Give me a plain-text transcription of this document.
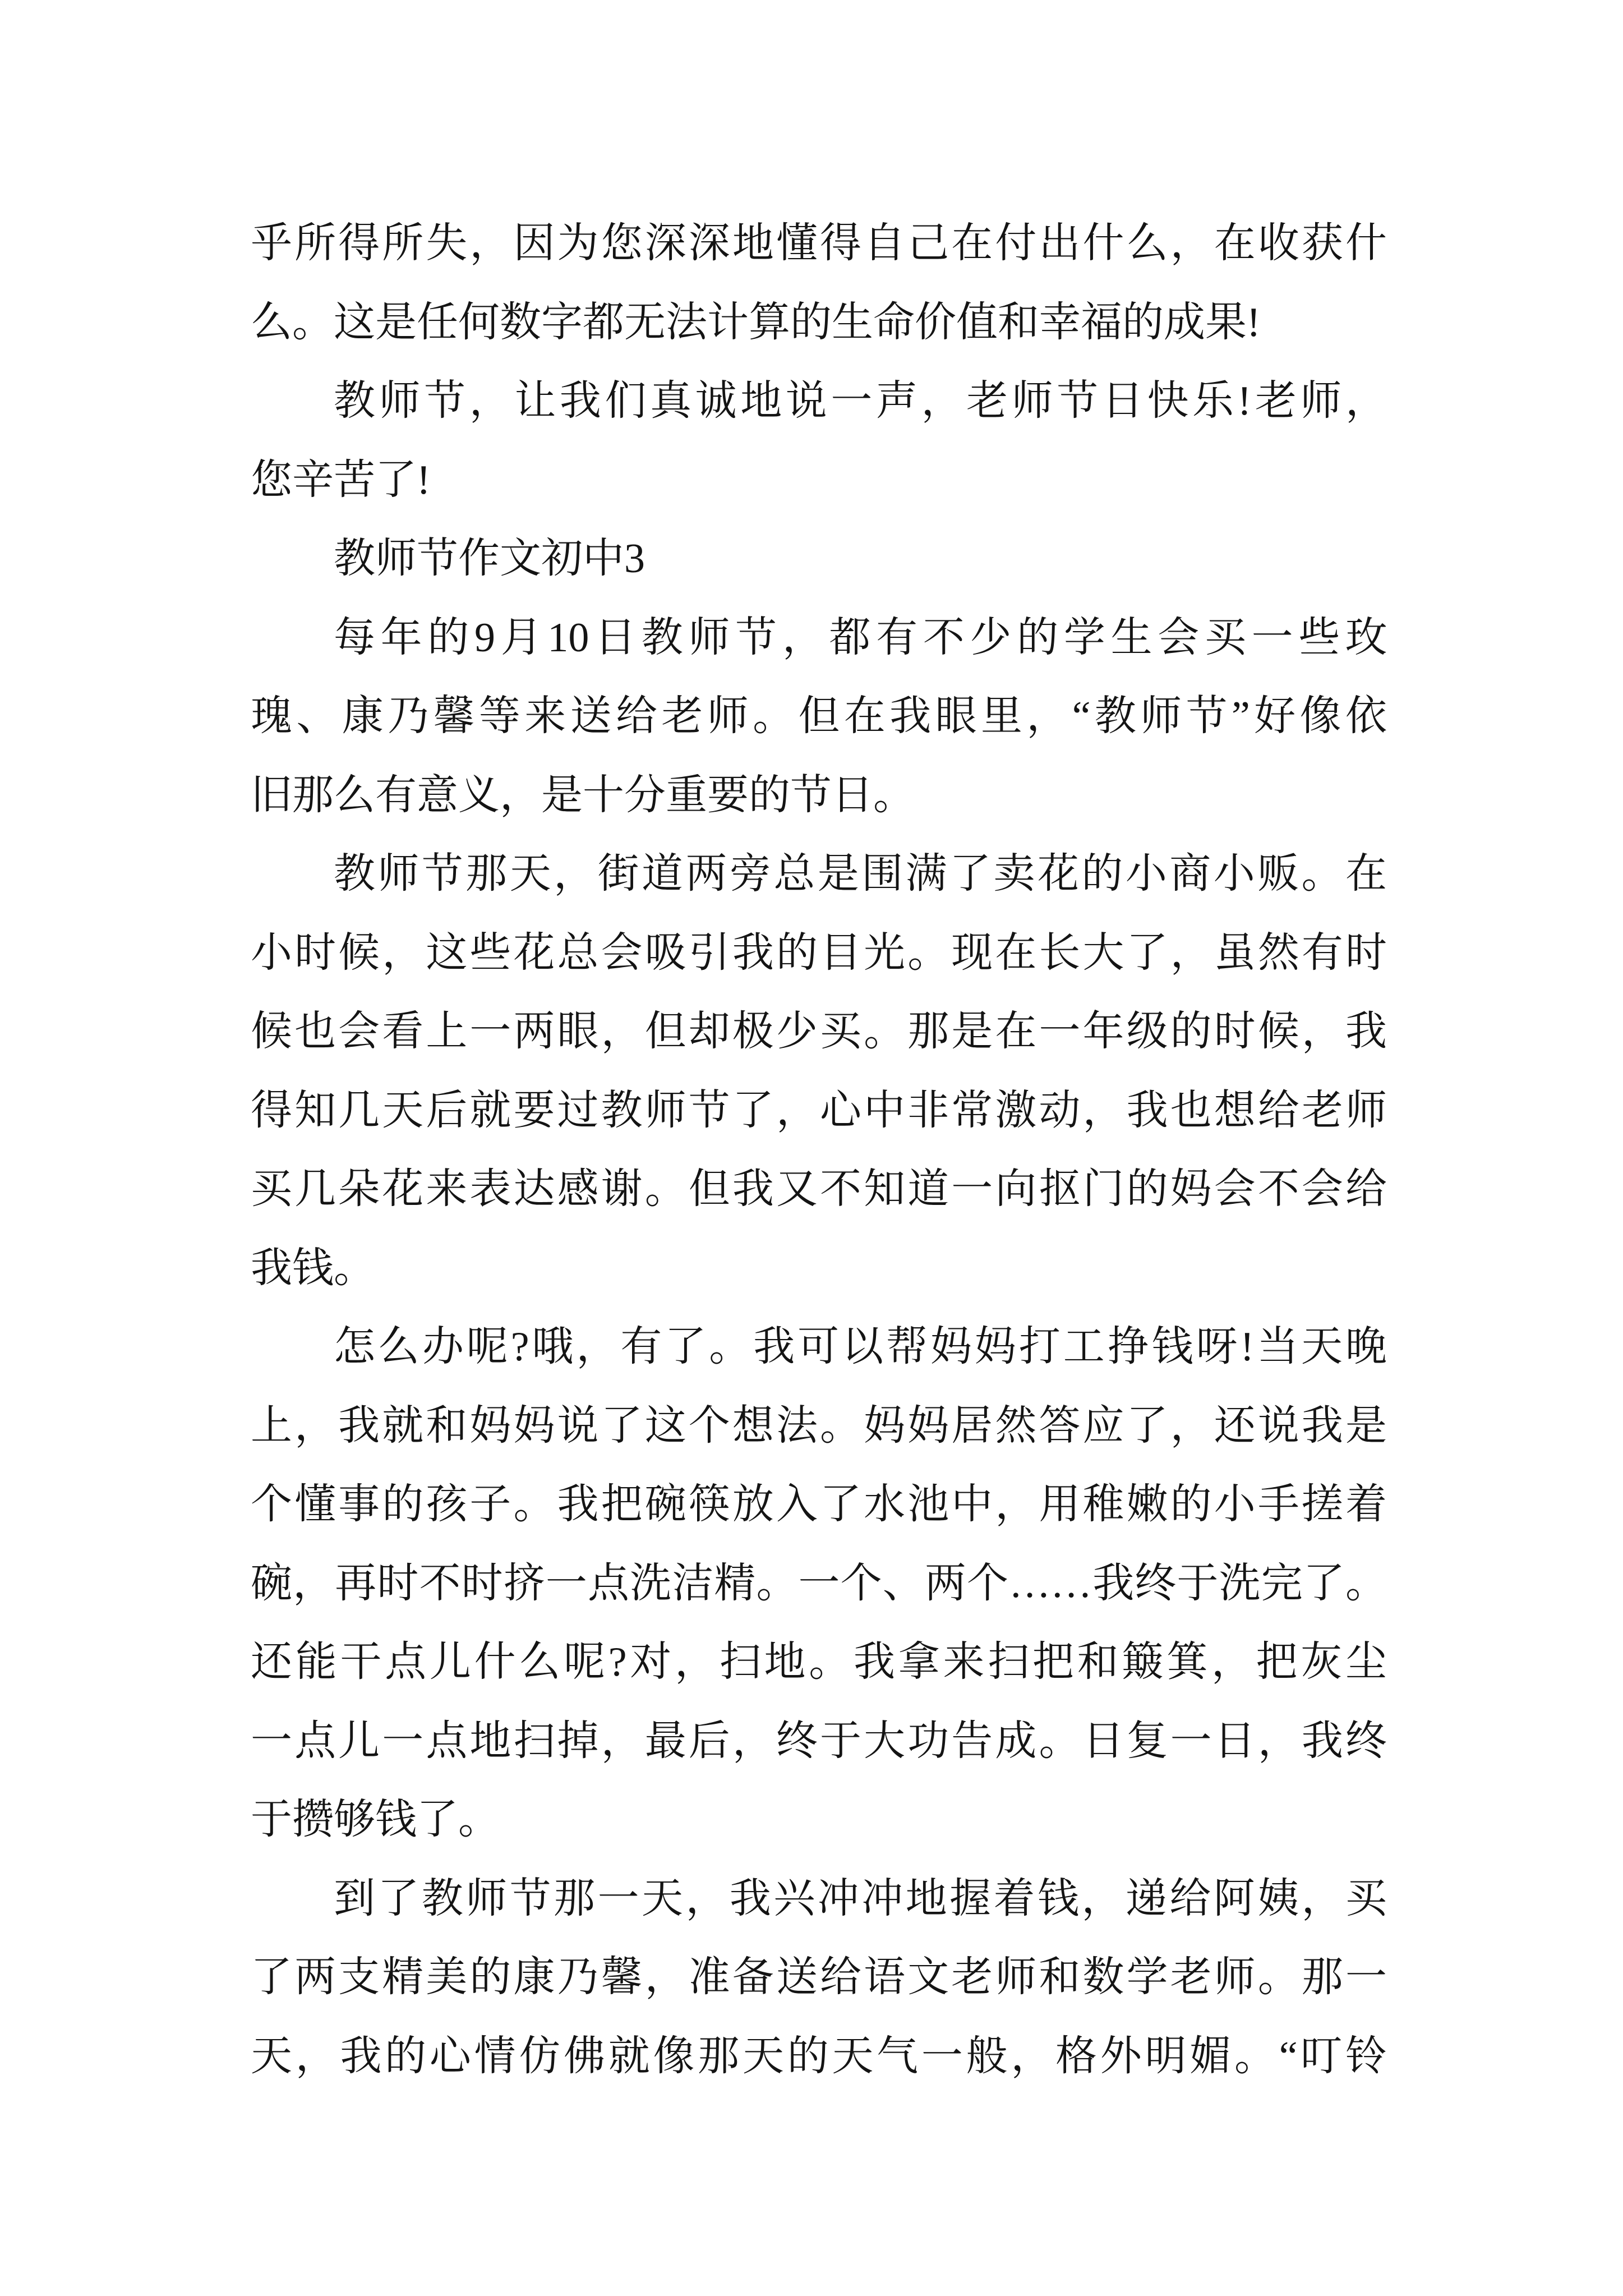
乎所得所失，因为您深深地懂得自己在付出什么，在收获什
么。这是任何数字都无法计算的生命价值和幸福的成果!
教师节，让我们真诚地说一声，老师节日快乐!老师，
您辛苦了!
教师节作文初中3
每年的9月10日教师节，都有不少的学生会买一些玫
瑰、康乃馨等来送给老师。但在我眼里，“教师节”好像依
旧那么有意义，是十分重要的节日。
教师节那天，街道两旁总是围满了卖花的小商小贩。在
小时候，这些花总会吸引我的目光。现在长大了，虽然有时
候也会看上一两眼，但却极少买。那是在一年级的时候，我
得知几天后就要过教师节了，心中非常激动，我也想给老师
买几朵花来表达感谢。但我又不知道一向抠门的妈会不会给
我钱。
怎么办呢?哦，有了。我可以帮妈妈打工挣钱呀!当天晚
上，我就和妈妈说了这个想法。妈妈居然答应了，还说我是
个懂事的孩子。我把碗筷放入了水池中，用稚嫩的小手搓着
碗，再时不时挤一点洗洁精。一个、两个……我终于洗完了。
还能干点儿什么呢?对，扫地。我拿来扫把和簸箕，把灰尘
一点儿一点地扫掉，最后，终于大功告成。日复一日，我终
于攒够钱了。
到了教师节那一天，我兴冲冲地握着钱，递给阿姨，买
了两支精美的康乃馨，准备送给语文老师和数学老师。那一
天，我的心情仿佛就像那天的天气一般，格外明媚。“叮铃
